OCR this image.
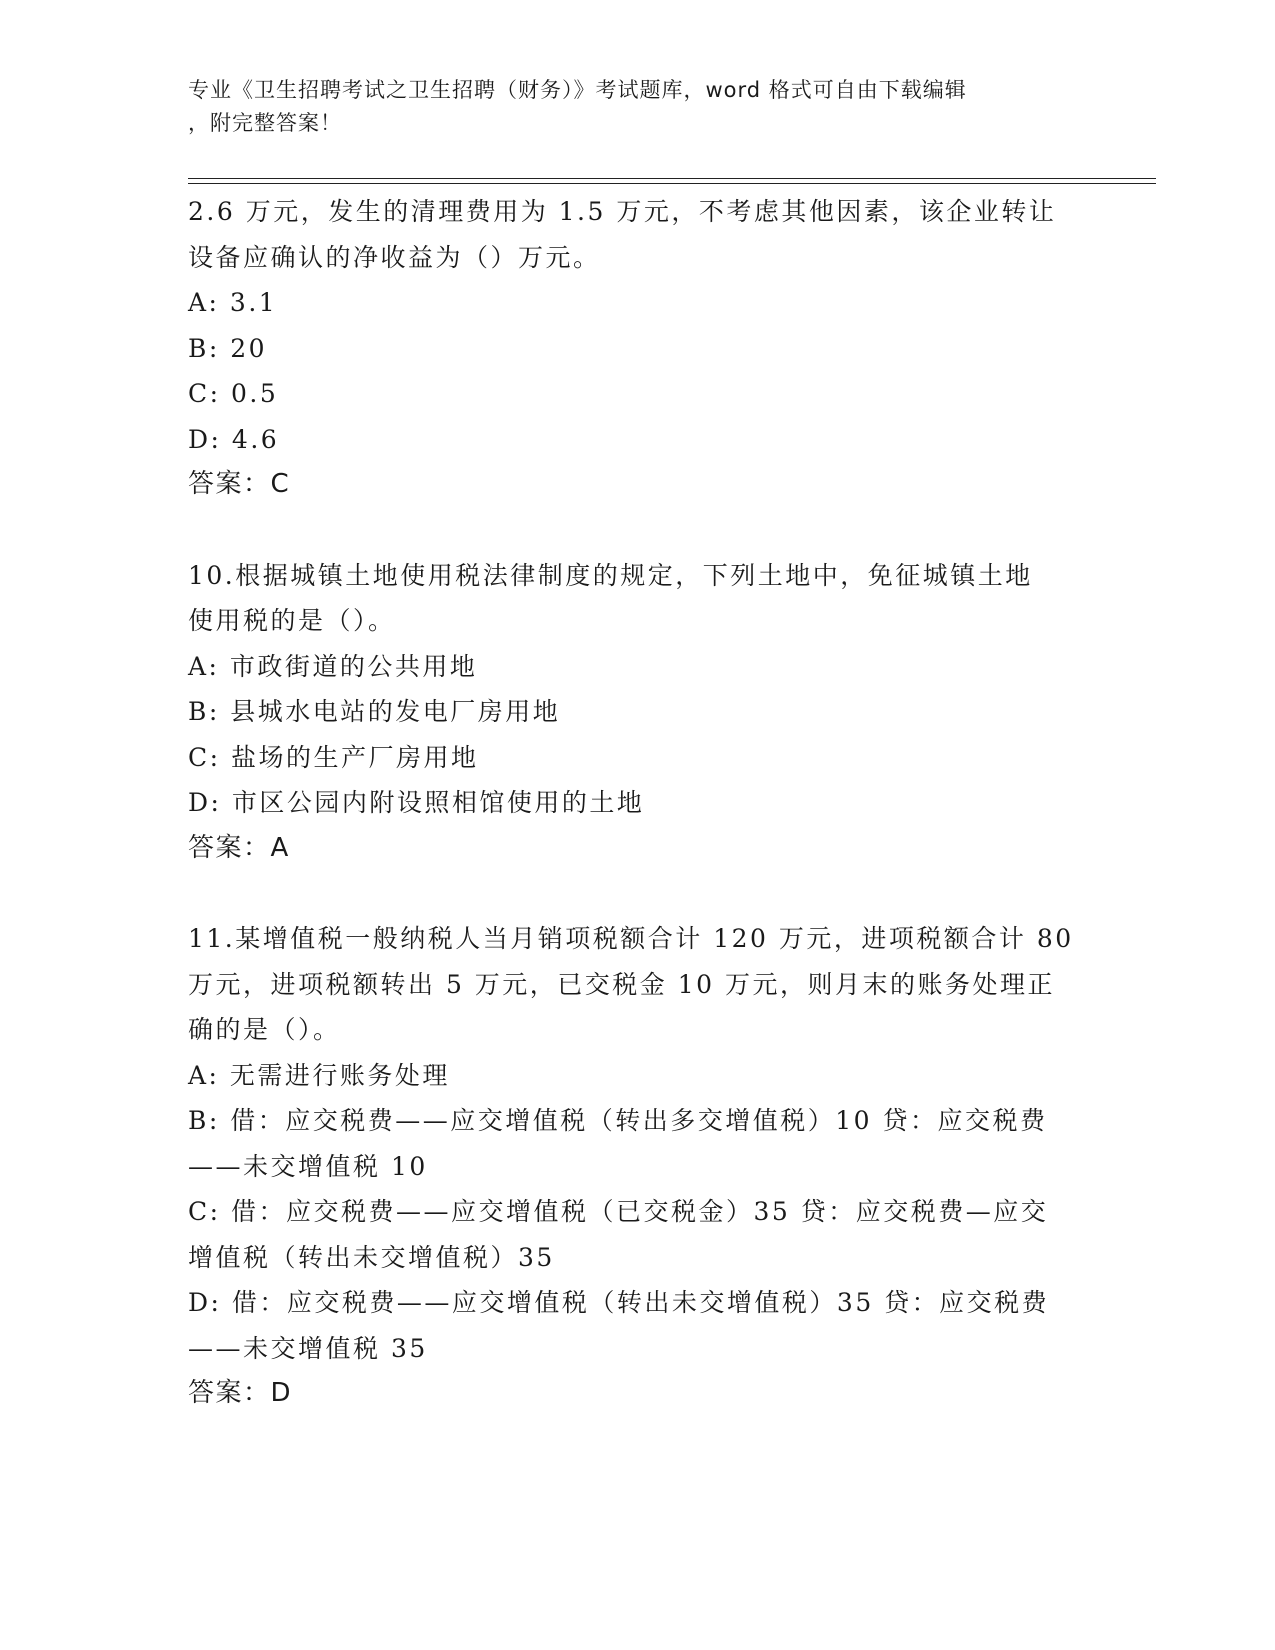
专业《卫生招聘考试之卫生招聘（财务）》考试题库，word 格式可自由下载编辑
，附完整答案！
2.6 万元，发生的清理费用为 1.5 万元，不考虑其他因素，该企业转让
设备应确认的净收益为（）万元。
A: 3.1
B: 20
C: 0.5
D: 4.6
答案：C
10.根据城镇土地使用税法律制度的规定，下列土地中，免征城镇土地
使用税的是（）。
A: 市政街道的公共用地
B: 县城水电站的发电厂房用地
C: 盐场的生产厂房用地
D: 市区公园内附设照相馆使用的土地
答案：A
11.某增值税一般纳税人当月销项税额合计 120 万元，进项税额合计 80
万元，进项税额转出 5 万元，已交税金 10 万元，则月末的账务处理正
确的是（）。
A: 无需进行账务处理
B: 借：应交税费——应交增值税（转出多交增值税）10 贷：应交税费
——未交增值税 10
C: 借：应交税费——应交增值税（已交税金）35 贷：应交税费—应交
增值税（转出未交增值税）35
D: 借：应交税费——应交增值税（转出未交增值税）35 贷：应交税费
——未交增值税 35
答案：D
